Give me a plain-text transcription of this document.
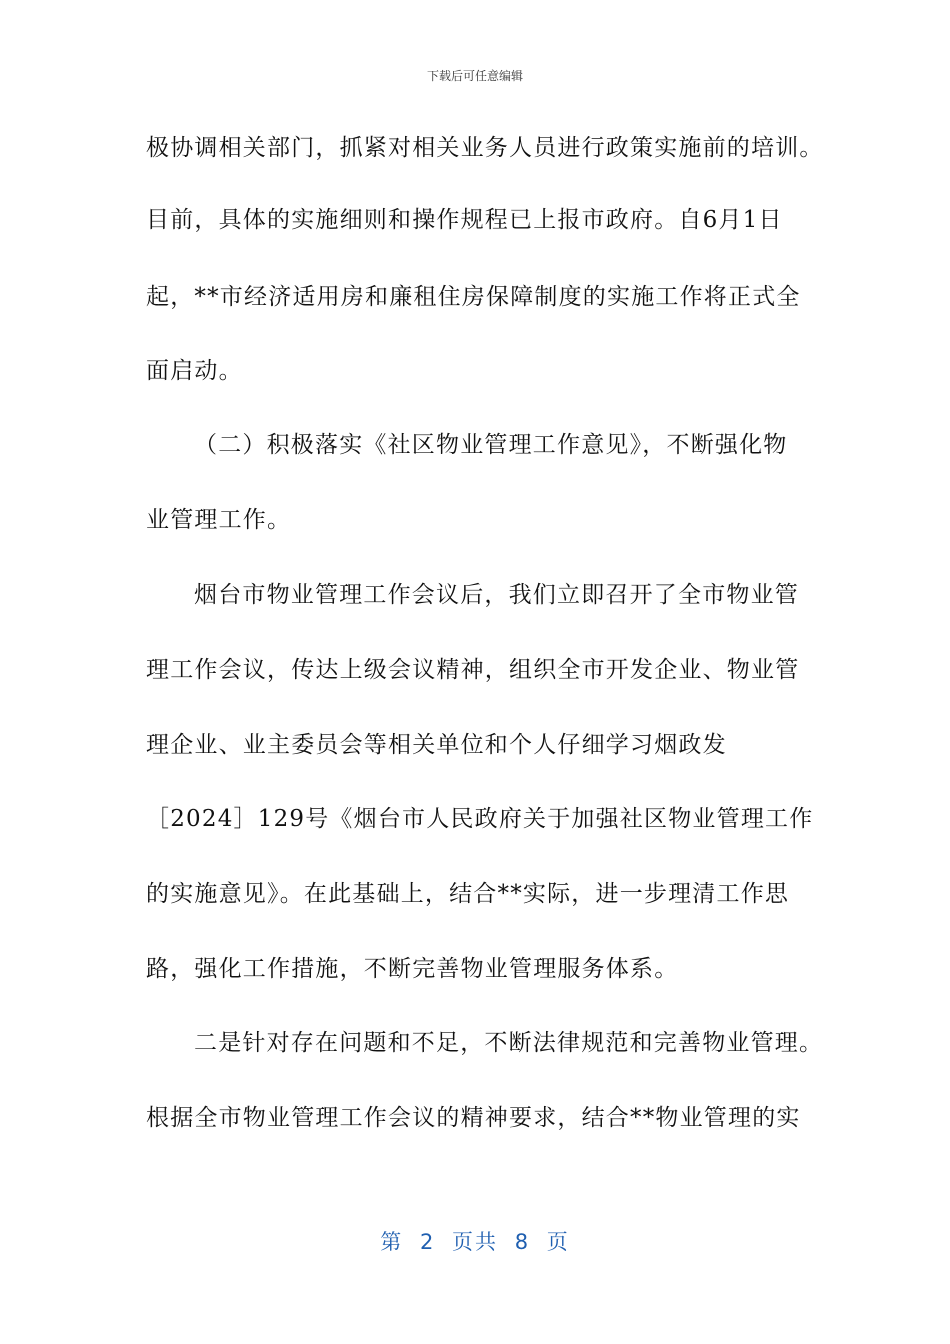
下载后可任意编辑
极协调相关部门，抓紧对相关业务人员进行政策实施前的培训。
目前，具体的实施细则和操作规程已上报市政府。自6月1日
起，**市经济适用房和廉租住房保障制度的实施工作将正式全
面启动。
（二）积极落实《社区物业管理工作意见》，不断强化物
业管理工作。
烟台市物业管理工作会议后，我们立即召开了全市物业管
理工作会议，传达上级会议精神，组织全市开发企业、物业管
理企业、业主委员会等相关单位和个人仔细学习烟政发
［2024］129号《烟台市人民政府关于加强社区物业管理工作
的实施意见》。在此基础上，结合**实际，进一步理清工作思
路，强化工作措施，不断完善物业管理服务体系。
二是针对存在问题和不足，不断法律规范和完善物业管理。
根据全市物业管理工作会议的精神要求，结合**物业管理的实
第 2 页共 8 页
